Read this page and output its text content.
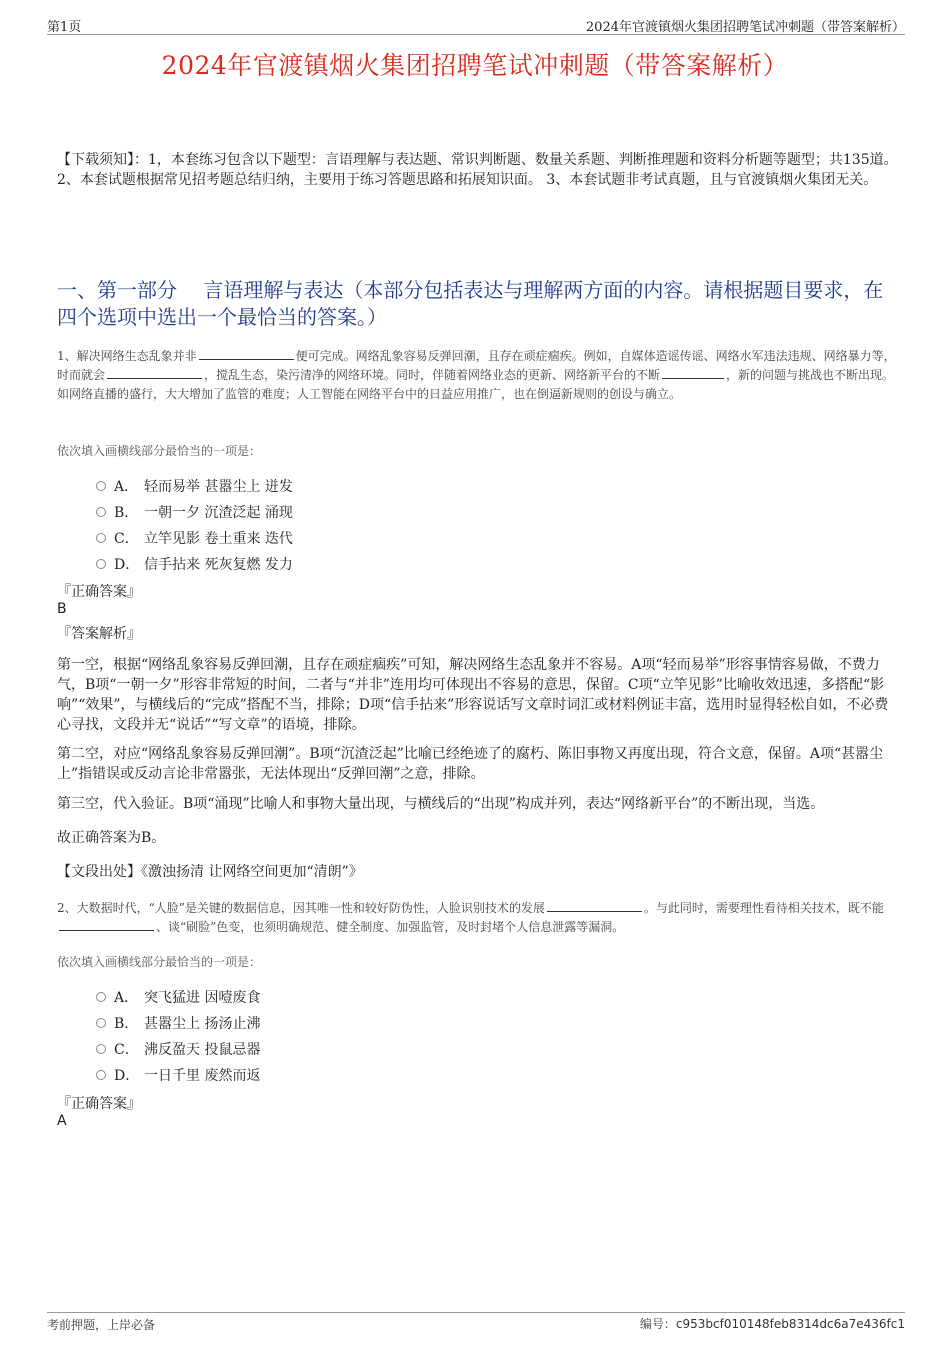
第1页	2024年官渡镇烟火集团招聘笔试冲刺题（带答案解析）
2024年官渡镇烟火集团招聘笔试冲刺题（带答案解析）
【下载须知】：1，本套练习包含以下题型：言语理解与表达题、常识判断题、数量关系题、判断推理题和资料分析题等题型；共135道。 2、本套试题根据常见招考题总结归纳，主要用于练习答题思路和拓展知识面。 3、本套试题非考试真题，且与官渡镇烟火集团无关。
一、第一部分　 言语理解与表达（本部分包括表达与理解两方面的内容。请根据题目要求，在四个选项中选出一个最恰当的答案。）
1、解决网络生态乱象并非	便可完成。网络乱象容易反弹回潮，且存在顽症痼疾。例如，自媒体造谣传谣、网络水军违法违规、网络暴力等，时而就会	，搅乱生态，染污清净的网络环境。同时，伴随着网络业态的更新、网络新平台的不断	，新的问题与挑战也不断出现。如网络直播的盛行，大大增加了监管的难度；人工智能在网络平台中的日益应用推广，也在倒逼新规则的创设与确立。
依次填入画横线部分最恰当的一项是：
A． 轻而易举 甚嚣尘上 迸发
B． 一朝一夕 沉渣泛起 涌现
C． 立竿见影 卷土重来 迭代
D． 信手拈来 死灰复燃 发力
『正确答案』
B
『答案解析』
第一空，根据“网络乱象容易反弹回潮，且存在顽症痼疾”可知，解决网络生态乱象并不容易。A项“轻而易举”形容事情容易做，不费力气，B项“一朝一夕”形容非常短的时间，二者与“并非”连用均可体现出不容易的意思，保留。C项“立竿见影”比喻收效迅速，多搭配“影响”“效果”，与横线后的“完成”搭配不当，排除；D项“信手拈来”形容说话写文章时词汇或材料例证丰富，选用时显得轻松自如，不必费心寻找，文段并无“说话”“写文章”的语境，排除。
第二空，对应“网络乱象容易反弹回潮”。B项“沉渣泛起”比喻已经绝迹了的腐朽、陈旧事物又再度出现，符合文意，保留。A项“甚嚣尘上”指错误或反动言论非常嚣张，无法体现出“反弹回潮”之意，排除。
第三空，代入验证。B项“涌现”比喻人和事物大量出现，与横线后的“出现”构成并列，表达“网络新平台”的不断出现，当选。
故正确答案为B。
【文段出处】《激浊扬清 让网络空间更加“清朗”》
2、大数据时代，“人脸”是关键的数据信息，因其唯一性和较好防伪性，人脸识别技术的发展	。与此同时，需要理性看待相关技术，既不能、谈“刷脸”色变，也须明确规范、健全制度、加强监管，及时封堵个人信息泄露等漏洞。
依次填入画横线部分最恰当的一项是：
A． 突飞猛进 因噎废食
B． 甚嚣尘上 扬汤止沸
C． 沸反盈天 投鼠忌器
D． 一日千里 废然而返
『正确答案』
A
考前押题，上岸必备	编号：c953bcf010148feb8314dc6a7e436fc1
